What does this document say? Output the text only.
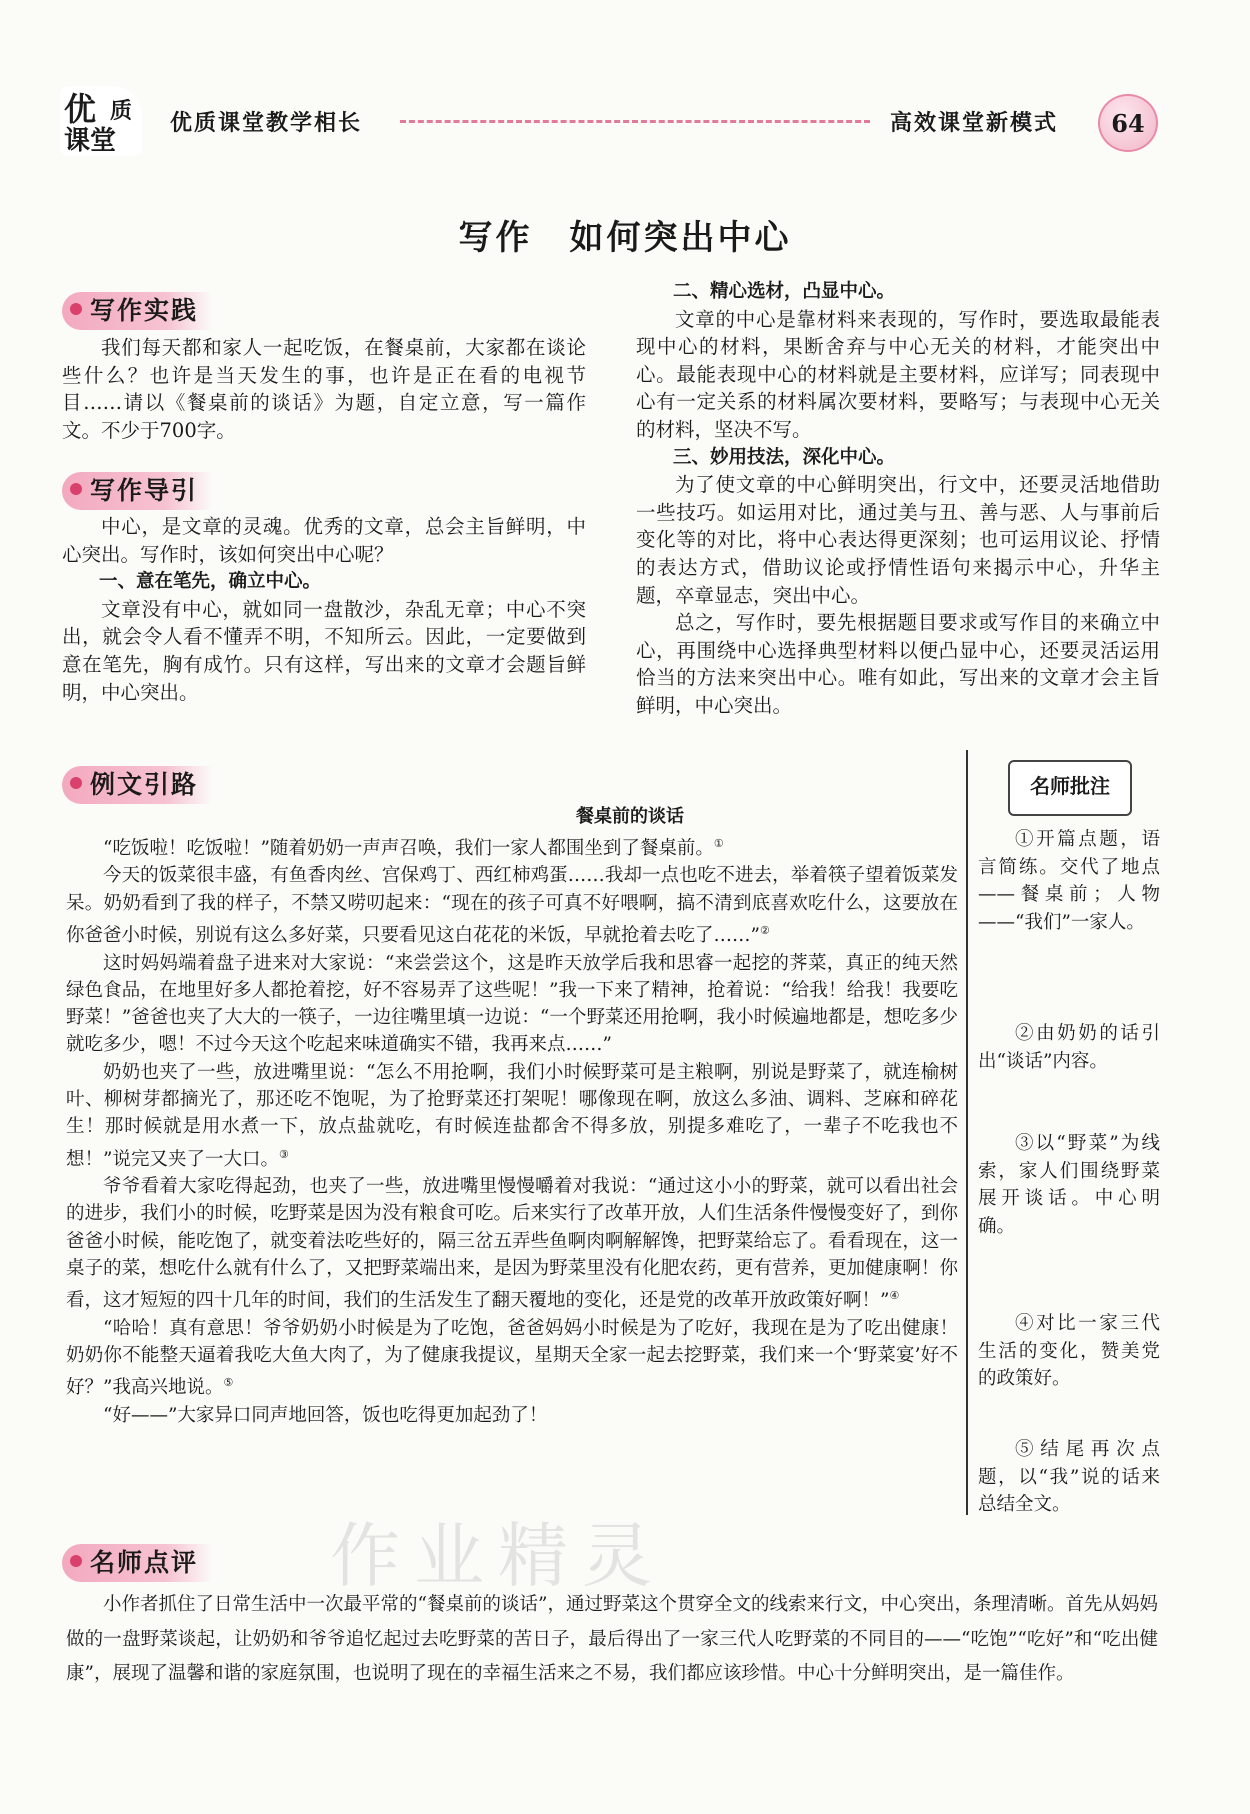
优 质
课堂
优质课堂教学相长	高效课堂新模式	64
写作　如何突出中心
写作实践

我们每天都和家人一起吃饭，在餐桌前，大家都在谈论些什么？也许是当天发生的事，也许是正在看的电视节目……请以《餐桌前的谈话》为题，自定立意，写一篇作文。不少于700字。

写作导引

中心，是文章的灵魂。优秀的文章，总会主旨鲜明，中心突出。写作时，该如何突出中心呢？

一、意在笔先，确立中心。

文章没有中心，就如同一盘散沙，杂乱无章；中心不突出，就会令人看不懂弄不明，不知所云。因此，一定要做到意在笔先，胸有成竹。只有这样，写出来的文章才会题旨鲜明，中心突出。

二、精心选材，凸显中心。

文章的中心是靠材料来表现的，写作时，要选取最能表现中心的材料，果断舍弃与中心无关的材料，才能突出中心。最能表现中心的材料就是主要材料，应详写；同表现中心有一定关系的材料属次要材料，要略写；与表现中心无关的材料，坚决不写。

三、妙用技法，深化中心。

为了使文章的中心鲜明突出，行文中，还要灵活地借助一些技巧。如运用对比，通过美与丑、善与恶、人与事前后变化等的对比，将中心表达得更深刻；也可运用议论、抒情的表达方式，借助议论或抒情性语句来揭示中心，升华主题，卒章显志，突出中心。

总之，写作时，要先根据题目要求或写作目的来确立中心，再围绕中心选择典型材料以便凸显中心，还要灵活运用恰当的方法来突出中心。唯有如此，写出来的文章才会主旨鲜明，中心突出。

例文引路
餐桌前的谈话

“吃饭啦！吃饭啦！”随着奶奶一声声召唤，我们一家人都围坐到了餐桌前。①

今天的饭菜很丰盛，有鱼香肉丝、宫保鸡丁、西红柿鸡蛋……我却一点也吃不进去，举着筷子望着饭菜发呆。奶奶看到了我的样子，不禁又唠叨起来：“现在的孩子可真不好喂啊，搞不清到底喜欢吃什么，这要放在你爸爸小时候，别说有这么多好菜，只要看见这白花花的米饭，早就抢着去吃了……”②

这时妈妈端着盘子进来对大家说：“来尝尝这个，这是昨天放学后我和思睿一起挖的荠菜，真正的纯天然绿色食品，在地里好多人都抢着挖，好不容易弄了这些呢！”我一下来了精神，抢着说：“给我！给我！我要吃野菜！”爸爸也夹了大大的一筷子，一边往嘴里填一边说：“一个野菜还用抢啊，我小时候遍地都是，想吃多少就吃多少，嗯！不过今天这个吃起来味道确实不错，我再来点……”

奶奶也夹了一些，放进嘴里说：“怎么不用抢啊，我们小时候野菜可是主粮啊，别说是野菜了，就连榆树叶、柳树芽都摘光了，那还吃不饱呢，为了抢野菜还打架呢！哪像现在啊，放这么多油、调料、芝麻和碎花生！那时候就是用水煮一下，放点盐就吃，有时候连盐都舍不得多放，别提多难吃了，一辈子不吃我也不想！”说完又夹了一大口。③

爷爷看着大家吃得起劲，也夹了一些，放进嘴里慢慢嚼着对我说：“通过这小小的野菜，就可以看出社会的进步，我们小的时候，吃野菜是因为没有粮食可吃。后来实行了改革开放，人们生活条件慢慢变好了，到你爸爸小时候，能吃饱了，就变着法吃些好的，隔三岔五弄些鱼啊肉啊解解馋，把野菜给忘了。看看现在，这一桌子的菜，想吃什么就有什么了，又把野菜端出来，是因为野菜里没有化肥农药，更有营养，更加健康啊！你看，这才短短的四十几年的时间，我们的生活发生了翻天覆地的变化，还是党的改革开放政策好啊！”④

“哈哈！真有意思！爷爷奶奶小时候是为了吃饱，爸爸妈妈小时候是为了吃好，我现在是为了吃出健康！奶奶你不能整天逼着我吃大鱼大肉了，为了健康我提议，星期天全家一起去挖野菜，我们来一个‘野菜宴’好不好？”我高兴地说。⑤

“好——”大家异口同声地回答，饭也吃得更加起劲了！

名师批注

①开篇点题，语言简练。交代了地点——餐桌前；人物——“我们”一家人。

②由奶奶的话引出“谈话”内容。

③以“野菜”为线索，家人们围绕野菜展开谈话。中心明确。

④对比一家三代生活的变化，赞美党的政策好。

⑤结尾再次点题，以“我”说的话来总结全文。

作业精灵
名师点评

小作者抓住了日常生活中一次最平常的“餐桌前的谈话”，通过野菜这个贯穿全文的线索来行文，中心突出，条理清晰。首先从妈妈做的一盘野菜谈起，让奶奶和爷爷追忆起过去吃野菜的苦日子，最后得出了一家三代人吃野菜的不同目的——“吃饱”“吃好”和“吃出健康”，展现了温馨和谐的家庭氛围，也说明了现在的幸福生活来之不易，我们都应该珍惜。中心十分鲜明突出，是一篇佳作。
